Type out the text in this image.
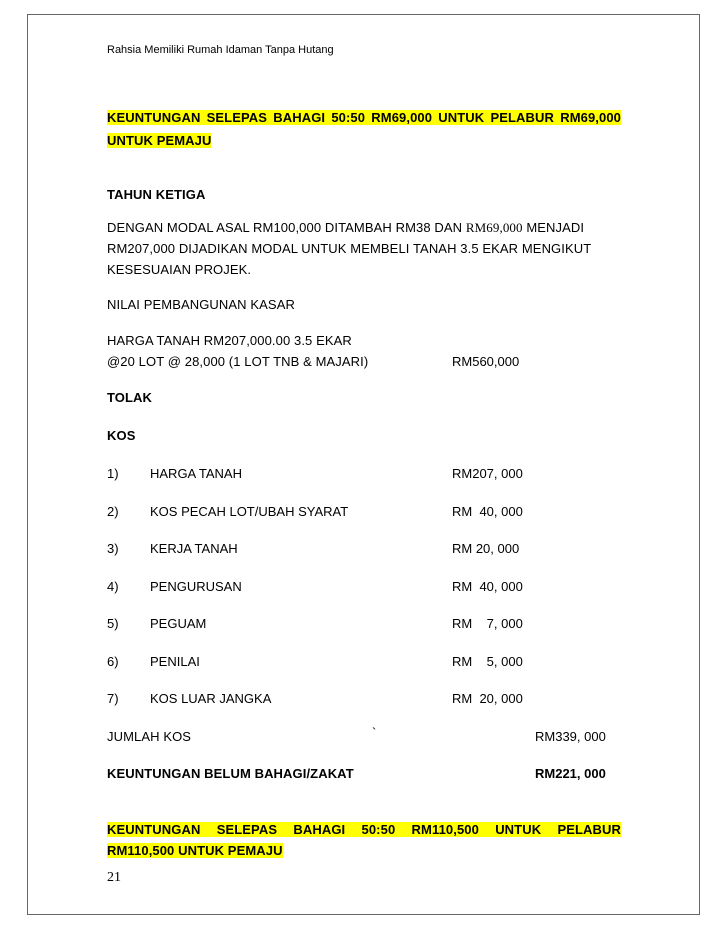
Rahsia Memiliki Rumah Idaman Tanpa Hutang
KEUNTUNGAN SELEPAS BAHAGI 50:50 RM69,000 UNTUK PELABUR RM69,000
UNTUK PEMAJU
TAHUN KETIGA
DENGAN MODAL ASAL RM100,000 DITAMBAH RM38 DAN RM69,000 MENJADI
RM207,000 DIJADIKAN MODAL UNTUK MEMBELI TANAH 3.5 EKAR MENGIKUT
KESESUAIAN PROJEK.
NILAI PEMBANGUNAN KASAR
HARGA TANAH RM207,000.00 3.5 EKAR
@20 LOT @ 28,000 (1 LOT TNB & MAJARI)	RM560,000
TOLAK
KOS
1) HARGA TANAH	RM207, 000
2) KOS PECAH LOT/UBAH SYARAT	RM  40, 000
3) KERJA TANAH	RM 20, 000
4) PENGURUSAN	RM  40, 000
5) PEGUAM	RM    7, 000
6) PENILAI	RM    5, 000
7) KOS LUAR JANGKA	RM  20, 000
JUMLAH KOS	`	RM339, 000
KEUNTUNGAN BELUM BAHAGI/ZAKAT	RM221, 000
KEUNTUNGAN SELEPAS BAHAGI 50:50 RM110,500 UNTUK PELABUR
RM110,500 UNTUK PEMAJU
21
